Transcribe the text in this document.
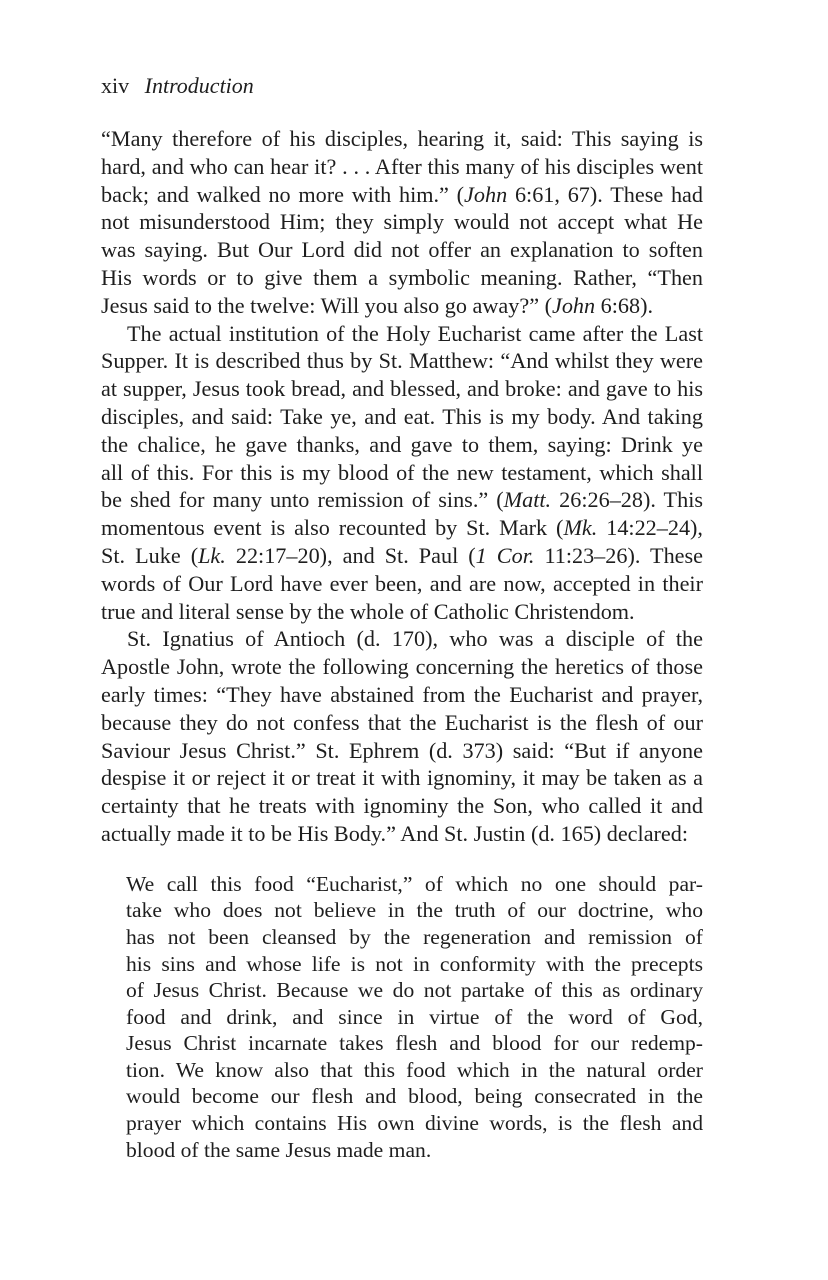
xiv Introduction
“Many therefore of his disciples, hearing it, said: This saying is
hard, and who can hear it? . . . After this many of his disciples went
back; and walked no more with him.” (John 6:61, 67). These had
not misunderstood Him; they simply would not accept what He
was saying. But Our Lord did not offer an explanation to soften
His words or to give them a symbolic meaning. Rather, “Then
Jesus said to the twelve: Will you also go away?” (John 6:68).
The actual institution of the Holy Eucharist came after the Last
Supper. It is described thus by St. Matthew: “And whilst they were
at supper, Jesus took bread, and blessed, and broke: and gave to his
disciples, and said: Take ye, and eat. This is my body. And taking
the chalice, he gave thanks, and gave to them, saying: Drink ye
all of this. For this is my blood of the new testament, which shall
be shed for many unto remission of sins.” (Matt. 26:26–28). This
momentous event is also recounted by St. Mark (Mk. 14:22–24),
St. Luke (Lk. 22:17–20), and St. Paul (1 Cor. 11:23–26). These
words of Our Lord have ever been, and are now, accepted in their
true and literal sense by the whole of Catholic Christendom.
St. Ignatius of Antioch (d. 170), who was a disciple of the
Apostle John, wrote the following concerning the heretics of those
early times: “They have abstained from the Eucharist and prayer,
because they do not confess that the Eucharist is the flesh of our
Saviour Jesus Christ.” St. Ephrem (d. 373) said: “But if anyone
despise it or reject it or treat it with ignominy, it may be taken as a
certainty that he treats with ignominy the Son, who called it and
actually made it to be His Body.” And St. Justin (d. 165) declared:
We call this food “Eucharist,” of which no one should par-
take who does not believe in the truth of our doctrine, who
has not been cleansed by the regeneration and remission of
his sins and whose life is not in conformity with the precepts
of Jesus Christ. Because we do not partake of this as ordinary
food and drink, and since in virtue of the word of God,
Jesus Christ incarnate takes flesh and blood for our redemp-
tion. We know also that this food which in the natural order
would become our flesh and blood, being consecrated in the
prayer which contains His own divine words, is the flesh and
blood of the same Jesus made man.
